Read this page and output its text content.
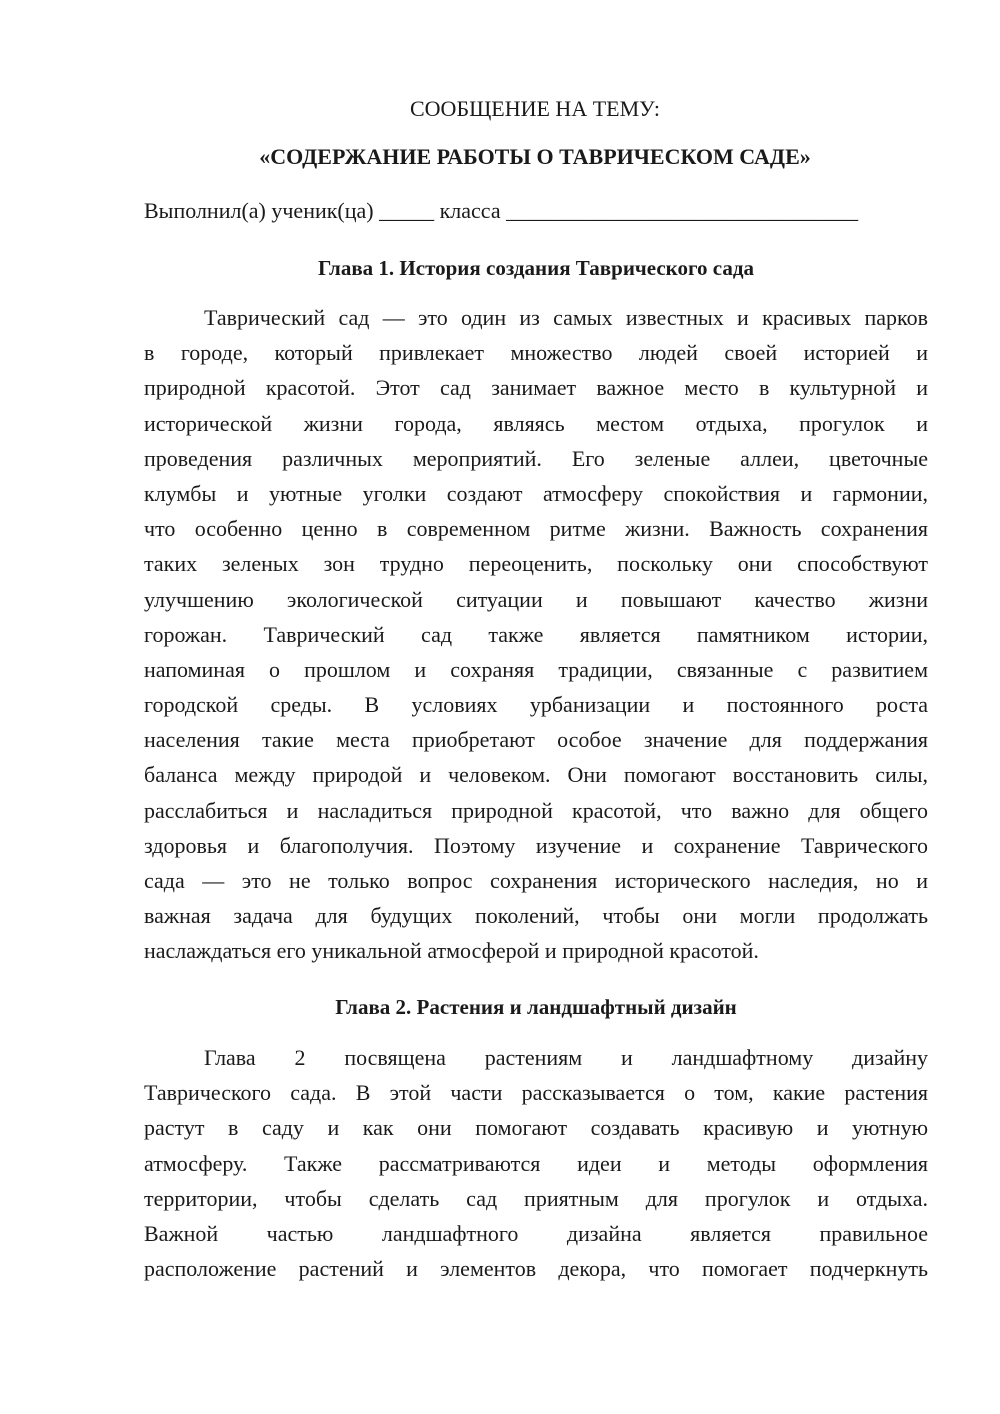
СООБЩЕНИЕ НА ТЕМУ:
«СОДЕРЖАНИЕ РАБОТЫ О ТАВРИЧЕСКОМ САДЕ»
Выполнил(а) ученик(ца) _____ класса ________________________________
Глава 1. История создания Таврического сада
Таврический сад — это один из самых известных и красивых парков
в городе, который привлекает множество людей своей историей и
природной красотой. Этот сад занимает важное место в культурной и
исторической жизни города, являясь местом отдыха, прогулок и
проведения различных мероприятий. Его зеленые аллеи, цветочные
клумбы и уютные уголки создают атмосферу спокойствия и гармонии,
что особенно ценно в современном ритме жизни. Важность сохранения
таких зеленых зон трудно переоценить, поскольку они способствуют
улучшению экологической ситуации и повышают качество жизни
горожан. Таврический сад также является памятником истории,
напоминая о прошлом и сохраняя традиции, связанные с развитием
городской среды. В условиях урбанизации и постоянного роста
населения такие места приобретают особое значение для поддержания
баланса между природой и человеком. Они помогают восстановить силы,
расслабиться и насладиться природной красотой, что важно для общего
здоровья и благополучия. Поэтому изучение и сохранение Таврического
сада — это не только вопрос сохранения исторического наследия, но и
важная задача для будущих поколений, чтобы они могли продолжать
наслаждаться его уникальной атмосферой и природной красотой.
Глава 2. Растения и ландшафтный дизайн
Глава 2 посвящена растениям и ландшафтному дизайну
Таврического сада. В этой части рассказывается о том, какие растения
растут в саду и как они помогают создавать красивую и уютную
атмосферу. Также рассматриваются идеи и методы оформления
территории, чтобы сделать сад приятным для прогулок и отдыха.
Важной частью ландшафтного дизайна является правильное
расположение растений и элементов декора, что помогает подчеркнуть
